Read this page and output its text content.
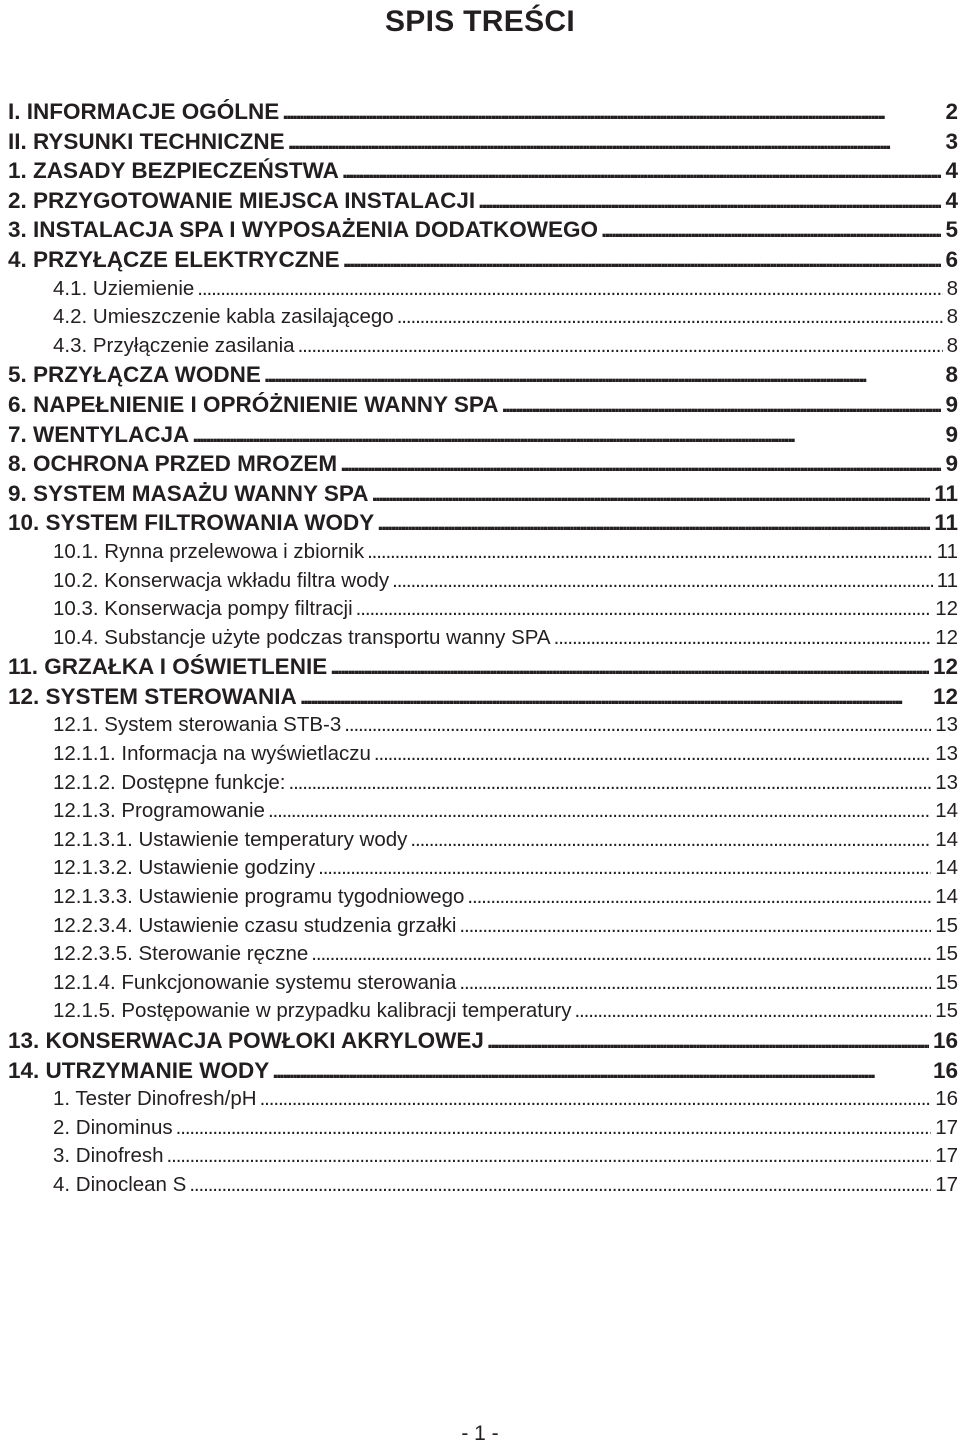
SPIS TREŚCI
I. INFORMACJE OGÓLNE . . .	2
II. RYSUNKI TECHNICZNE . . .	3
1. ZASADY BEZPIECZEŃSTWA . . .	4
2. PRZYGOTOWANIE MIEJSCA INSTALACJI . . .	4
3. INSTALACJA SPA I WYPOSAŻENIA DODATKOWEGO . . .	5
4. PRZYŁĄCZE ELEKTRYCZNE . . .	6
4.1. Uziemienie . . .	8
4.2. Umieszczenie kabla zasilającego . . .	8
4.3. Przyłączenie zasilania . . .	8
5. PRZYŁĄCZA WODNE . . .	8
6. NAPEŁNIENIE I OPRÓŻNIENIE WANNY SPA . . .	9
7. WENTYLACJA . . .	9
8. OCHRONA PRZED MROZEM . . .	9
9. SYSTEM MASAŻU WANNY SPA . . .	11
10. SYSTEM FILTROWANIA WODY . . .	11
10.1. Rynna przelewowa i zbiornik . . .	11
10.2. Konserwacja wkładu filtra wody . . .	11
10.3. Konserwacja pompy filtracji . . .	12
10.4. Substancje użyte podczas transportu wanny SPA . . .	12
11. GRZAŁKA I OŚWIETLENIE . . .	12
12. SYSTEM STEROWANIA . . .	12
12.1. System sterowania STB-3 . . .	13
12.1.1. Informacja na wyświetlaczu . . .	13
12.1.2. Dostępne funkcje: . . .	13
12.1.3. Programowanie . . .	14
12.1.3.1. Ustawienie temperatury wody . . .	14
12.1.3.2. Ustawienie godziny . . .	14
12.1.3.3. Ustawienie programu tygodniowego . . .	14
12.2.3.4. Ustawienie czasu studzenia grzałki . . .	15
12.2.3.5. Sterowanie ręczne . . .	15
12.1.4. Funkcjonowanie systemu sterowania . . .	15
12.1.5. Postępowanie w przypadku kalibracji temperatury . . .	15
13. KONSERWACJA POWŁOKI AKRYLOWEJ . . .	16
14. UTRZYMANIE WODY . . .	16
1. Tester Dinofresh/pH . . .	16
2. Dinominus . . .	17
3. Dinofresh . . .	17
4. Dinoclean S . . .	17
- 1 -
